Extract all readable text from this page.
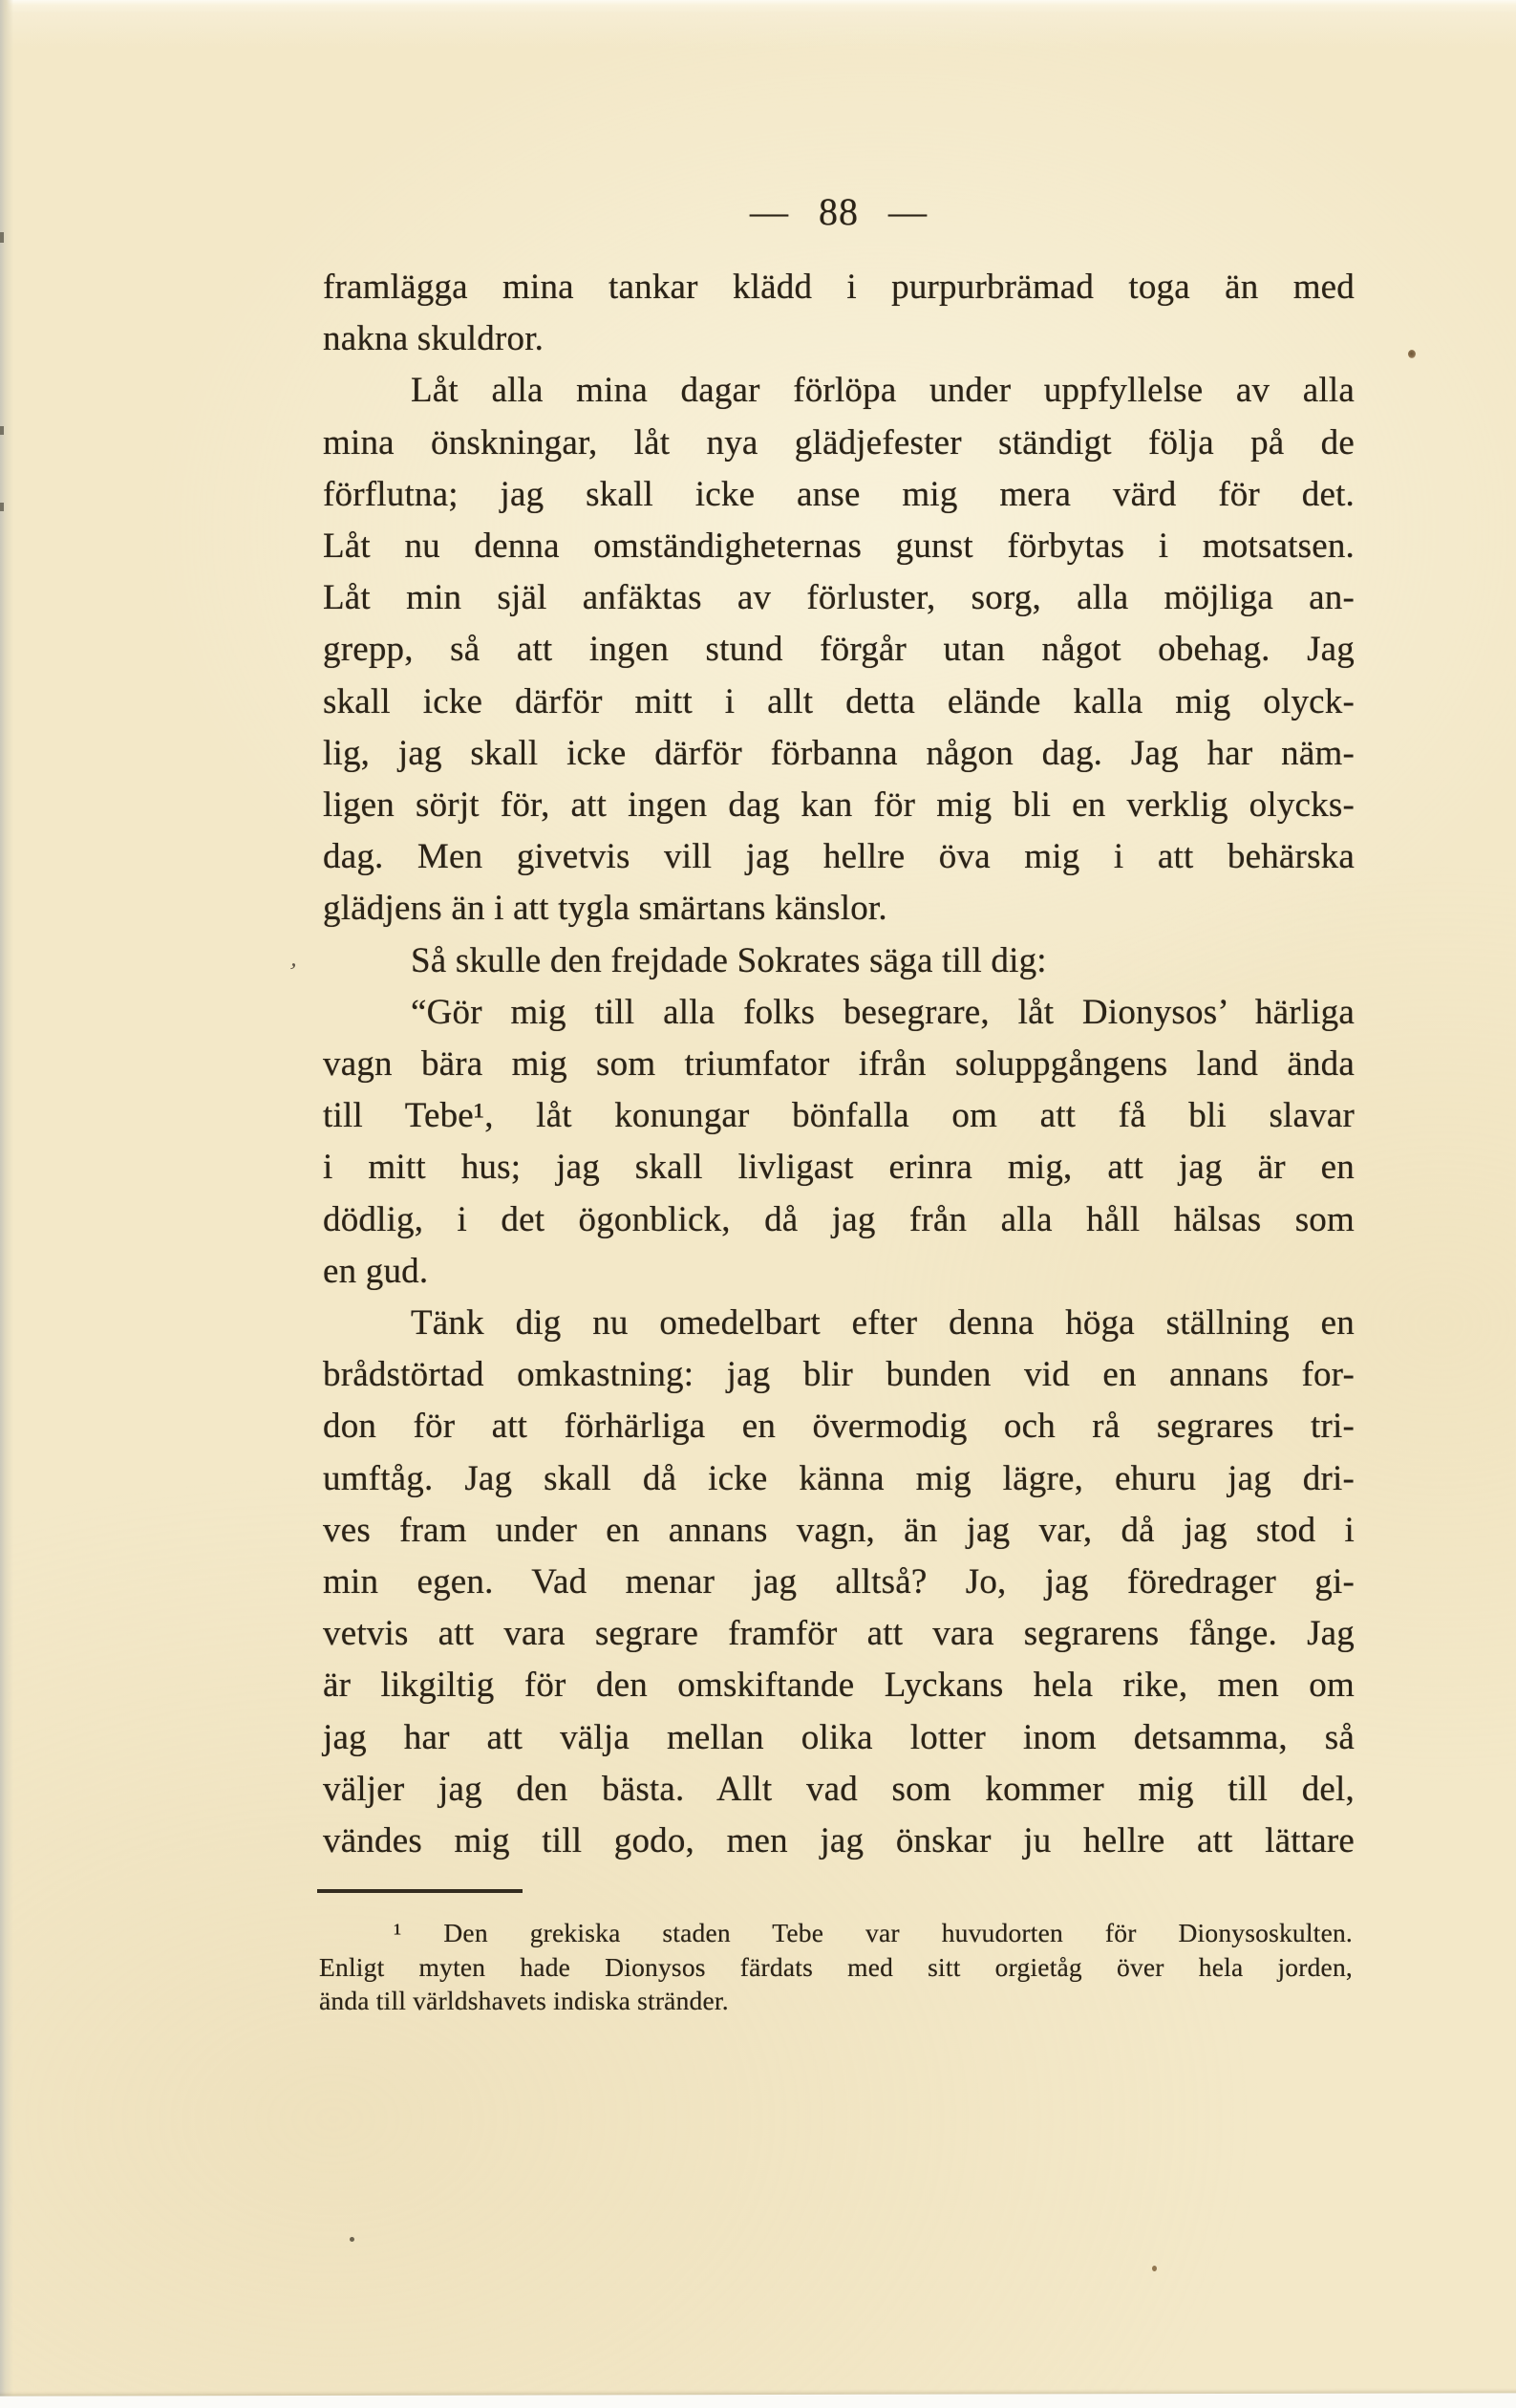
— 88 —
framlägga mina tankar klädd i purpurbrämad toga än med
nakna skuldror.
Låt alla mina dagar förlöpa under uppfyllelse av alla
mina önskningar, låt nya glädjefester ständigt följa på de
förflutna; jag skall icke anse mig mera värd för det.
Låt nu denna omständigheternas gunst förbytas i motsatsen.
Låt min själ anfäktas av förluster, sorg, alla möjliga an-
grepp, så att ingen stund förgår utan något obehag. Jag
skall icke därför mitt i allt detta elände kalla mig olyck-
lig, jag skall icke därför förbanna någon dag. Jag har näm-
ligen sörjt för, att ingen dag kan för mig bli en verklig olycks-
dag. Men givetvis vill jag hellre öva mig i att behärska
glädjens än i att tygla smärtans känslor.
Så skulle den frejdade Sokrates säga till dig:
“Gör mig till alla folks besegrare, låt Dionysos’ härliga
vagn bära mig som triumfator ifrån soluppgångens land ända
till Tebe¹, låt konungar bönfalla om att få bli slavar
i mitt hus; jag skall livligast erinra mig, att jag är en
dödlig, i det ögonblick, då jag från alla håll hälsas som
en gud.
Tänk dig nu omedelbart efter denna höga ställning en
brådstörtad omkastning: jag blir bunden vid en annans for-
don för att förhärliga en övermodig och rå segrares tri-
umftåg. Jag skall då icke känna mig lägre, ehuru jag dri-
ves fram under en annans vagn, än jag var, då jag stod i
min egen. Vad menar jag alltså? Jo, jag föredrager gi-
vetvis att vara segrare framför att vara segrarens fånge. Jag
är likgiltig för den omskiftande Lyckans hela rike, men om
jag har att välja mellan olika lotter inom detsamma, så
väljer jag den bästa. Allt vad som kommer mig till del,
vändes mig till godo, men jag önskar ju hellre att lättare
¹ Den grekiska staden Tebe var huvudorten för Dionysoskulten.
Enligt myten hade Dionysos färdats med sitt orgietåg över hela jorden,
ända till världshavets indiska stränder.
,
